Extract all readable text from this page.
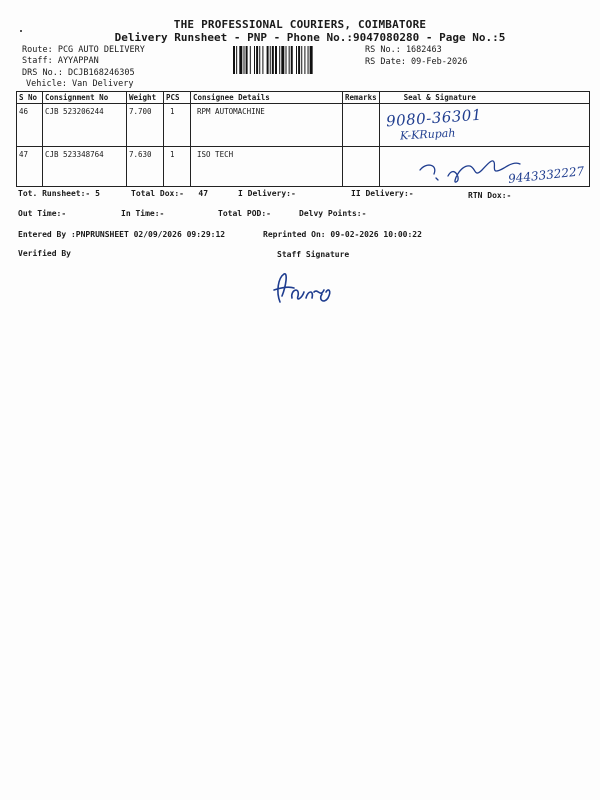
THE PROFESSIONAL COURIERS, COIMBATORE
Delivery Runsheet - PNP - Phone No.:9047080280 - Page No.:5
Route: PCG AUTO DELIVERY
Staff: AYYAPPAN
DRS No.: DCJB168246305
Vehicle: Van Delivery
RS No.: 1682463
RS Date: 09-Feb-2026
S No	Consignment No	Weight	PCS	Consignee Details	Remarks	Seal & Signature
46	CJB 523206244	7.700	1	RPM AUTOMACHINE		
47	CJB 523348764	7.630	1	ISO TECH		
9080-36301
K-KRupah
9443332227
Tot. Runsheet:- 5	Total Dox:-   47	I Delivery:-	II Delivery:-	RTN Dox:-
Out Time:-	In Time:-	Total POD:-	Delvy Points:-
Entered By :PNPRUNSHEET 02/09/2026 09:29:12	Reprinted On: 09-02-2026 10:00:22
Verified By	Staff Signature
